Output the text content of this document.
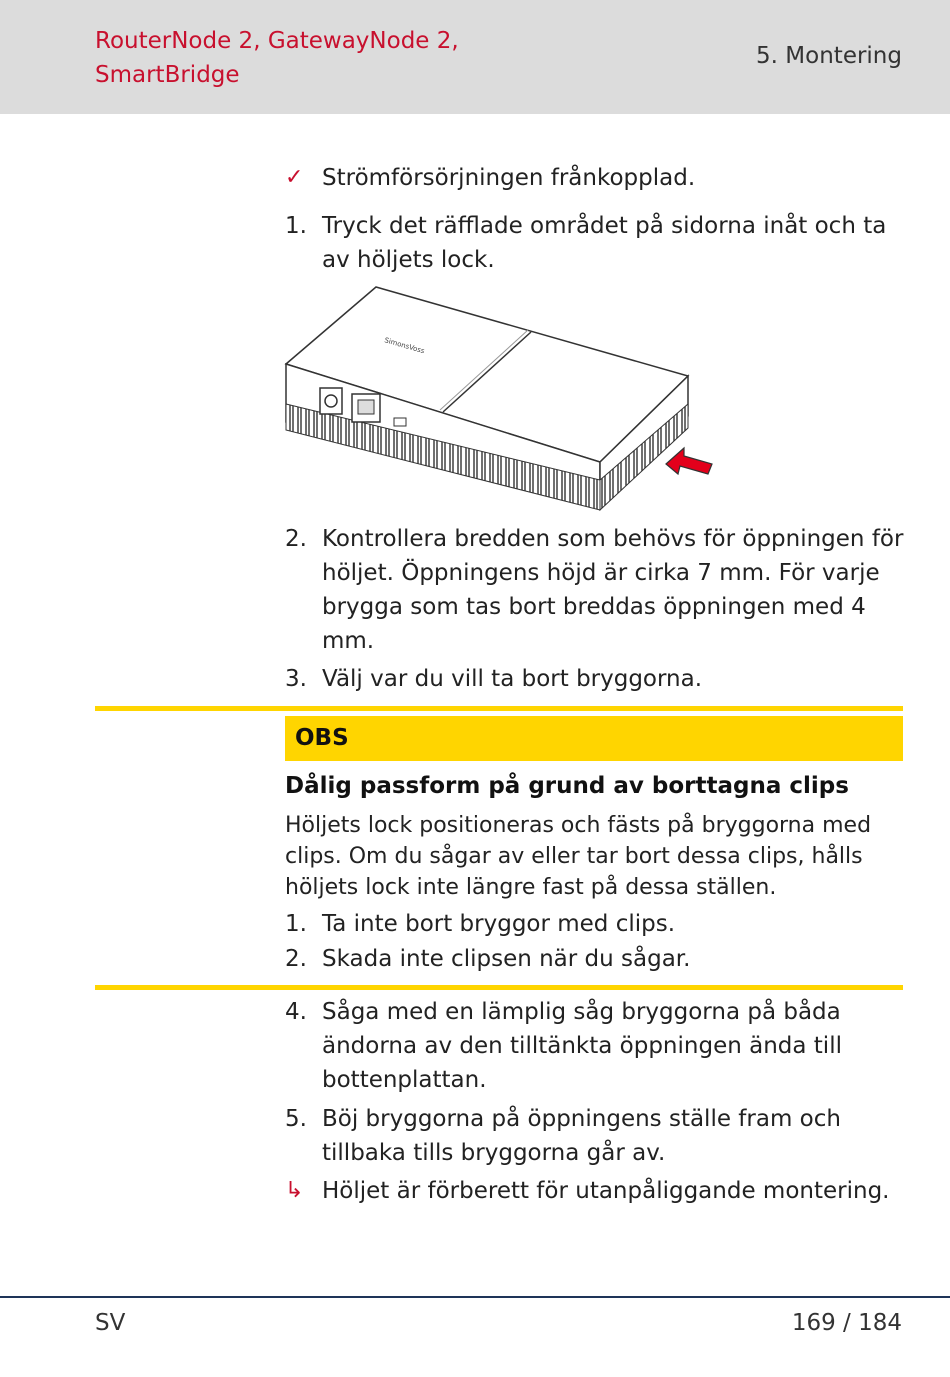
RouterNode 2, GatewayNode 2,
SmartBridge
5. Montering
✓ Strömförsörjningen frånkopplad.
1. Tryck det räfflade området på sidorna inåt och ta av höljets lock.
SimonsVoss
2. Kontrollera bredden som behövs för öppningen för höljet. Öppningens höjd är cirka 7 mm. För varje brygga som tas bort breddas öppningen med 4 mm.
3. Välj var du vill ta bort bryggorna.
OBS
Dålig passform på grund av borttagna clips
Höljets lock positioneras och fästs på bryggorna med clips. Om du sågar av eller tar bort dessa clips, hålls höljets lock inte längre fast på dessa ställen.
1. Ta inte bort bryggor med clips.
2. Skada inte clipsen när du sågar.
4. Såga med en lämplig såg bryggorna på båda ändorna av den tilltänkta öppningen ända till bottenplattan.
5. Böj bryggorna på öppningens ställe fram och tillbaka tills bryggorna går av.
↳ Höljet är förberett för utanpåliggande montering.
SV	169 / 184
